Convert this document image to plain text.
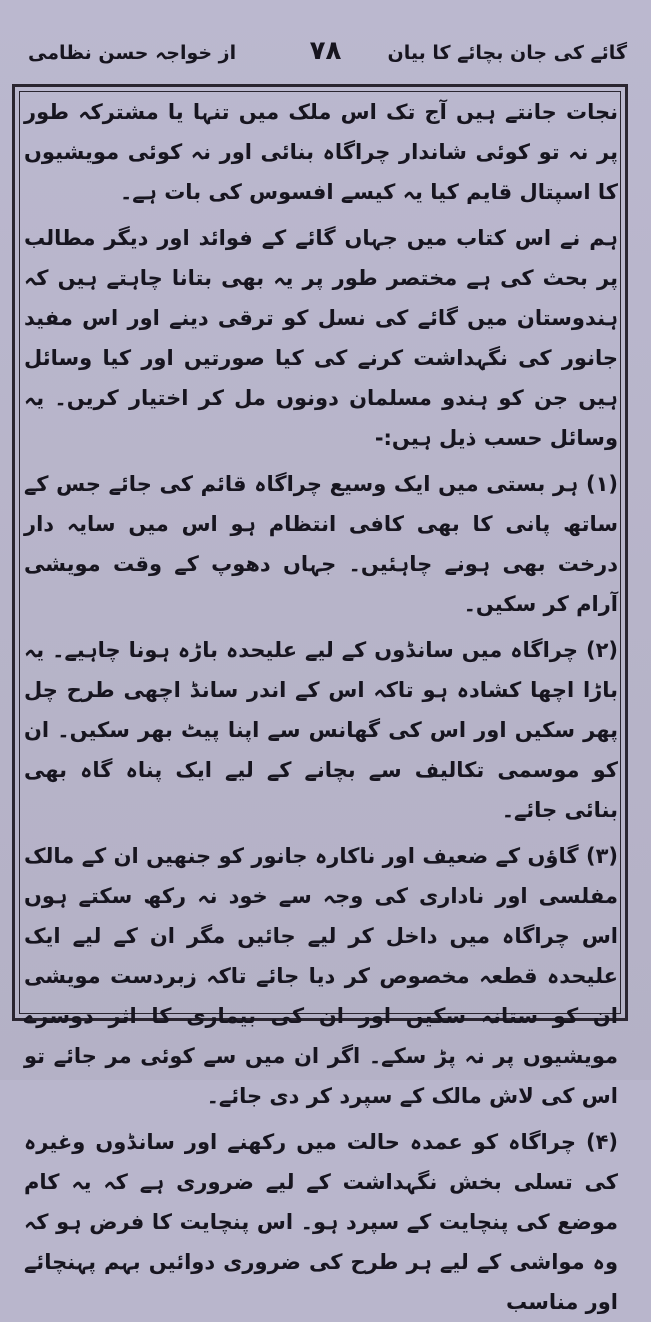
گائے کی جان بچائے کا بیان
۷۸
از خواجہ حسن نظامی

نجات جانتے ہیں آج تک اس ملک میں تنہا یا مشترکہ طور پر نہ تو کوئی شاندار چراگاہ بنائی اور نہ کوئی مویشیوں کا اسپتال قایم کیا یہ کیسے افسوس کی بات ہے۔

ہم نے اس کتاب میں جہاں گائے کے فوائد اور دیگر مطالب پر بحث کی ہے مختصر طور پر یہ بھی بتانا چاہتے ہیں کہ ہندوستان میں گائے کی نسل کو ترقی دینے اور اس مفید جانور کی نگہداشت کرنے کی کیا صورتیں اور کیا وسائل ہیں جن کو ہندو مسلمان دونوں مل کر اختیار کریں۔ یہ وسائل حسب ذیل ہیں:-

(۱) ہر بستی میں ایک وسیع چراگاہ قائم کی جائے جس کے ساتھ پانی کا بھی کافی انتظام ہو اس میں سایہ دار درخت بھی ہونے چاہئیں۔ جہاں دھوپ کے وقت مویشی آرام کر سکیں۔

(۲) چراگاہ میں سانڈوں کے لیے علیحدہ باڑہ ہونا چاہیے۔ یہ باڑا اچھا کشادہ ہو تاکہ اس کے اندر سانڈ اچھی طرح چل پھر سکیں اور اس کی گھانس سے اپنا پیٹ بھر سکیں۔ ان کو موسمی تکالیف سے بچانے کے لیے ایک پناہ گاہ بھی بنائی جائے۔

(۳) گاؤں کے ضعیف اور ناکارہ جانور کو جنھیں ان کے مالک مفلسی اور ناداری کی وجہ سے خود نہ رکھ سکتے ہوں اس چراگاہ میں داخل کر لیے جائیں مگر ان کے لیے ایک علیحدہ قطعہ مخصوص کر دیا جائے تاکہ زبردست مویشی ان کو ستانہ سکیں اور ان کی بیماری کا اثر دوسرے مویشیوں پر نہ پڑ سکے۔ اگر ان میں سے کوئی مر جائے تو اس کی لاش مالک کے سپرد کر دی جائے۔

(۴) چراگاہ کو عمدہ حالت میں رکھنے اور سانڈوں وغیرہ کی تسلی بخش نگہداشت کے لیے ضروری ہے کہ یہ کام موضع کی پنچایت کے سپرد ہو۔ اس پنچایت کا فرض ہو کہ وہ مواشی کے لیے ہر طرح کی ضروری دوائیں بہم پہنچائے اور مناسب
